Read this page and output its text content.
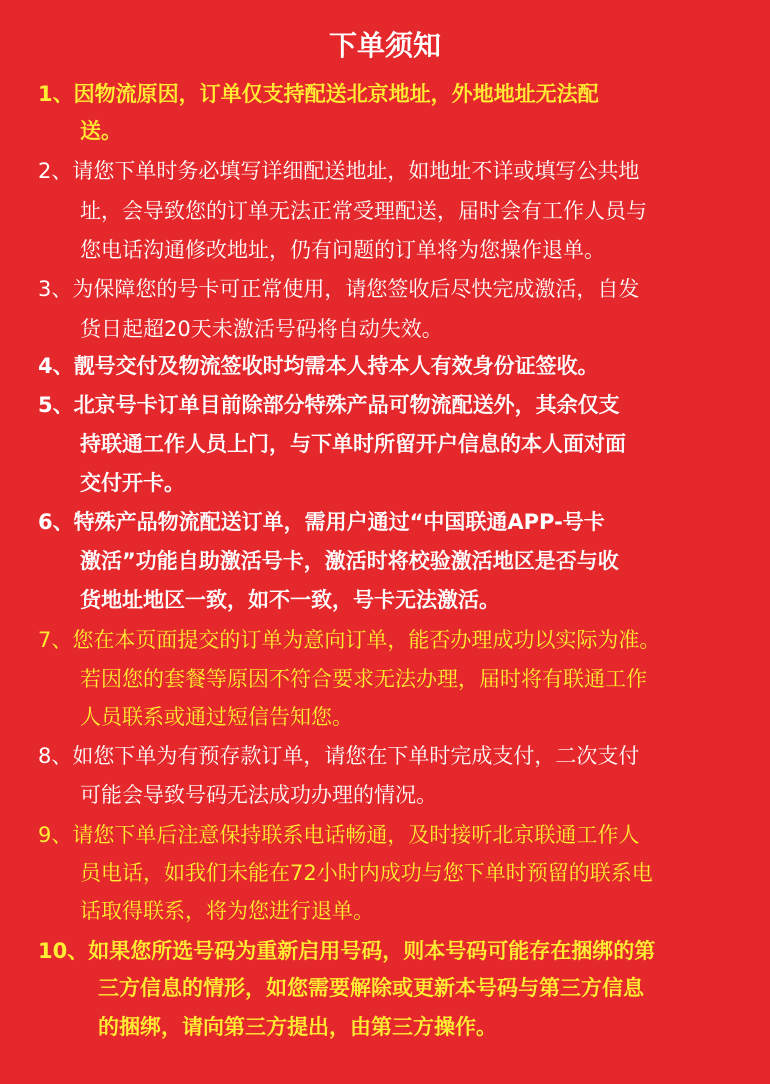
下单须知
1、因物流原因，订单仅支持配送北京地址，外地地址无法配
送。
2、请您下单时务必填写详细配送地址，如地址不详或填写公共地
址，会导致您的订单无法正常受理配送，届时会有工作人员与
您电话沟通修改地址，仍有问题的订单将为您操作退单。
3、为保障您的号卡可正常使用，请您签收后尽快完成激活，自发
货日起超20天未激活号码将自动失效。
4、靓号交付及物流签收时均需本人持本人有效身份证签收。
5、北京号卡订单目前除部分特殊产品可物流配送外，其余仅支
持联通工作人员上门，与下单时所留开户信息的本人面对面
交付开卡。
6、特殊产品物流配送订单，需用户通过“中国联通APP-号卡
激活”功能自助激活号卡，激活时将校验激活地区是否与收
货地址地区一致，如不一致，号卡无法激活。
7、您在本页面提交的订单为意向订单，能否办理成功以实际为准。
若因您的套餐等原因不符合要求无法办理，届时将有联通工作
人员联系或通过短信告知您。
8、如您下单为有预存款订单，请您在下单时完成支付，二次支付
可能会导致号码无法成功办理的情况。
9、请您下单后注意保持联系电话畅通，及时接听北京联通工作人
员电话，如我们未能在72小时内成功与您下单时预留的联系电
话取得联系，将为您进行退单。
10、如果您所选号码为重新启用号码，则本号码可能存在捆绑的第
三方信息的情形，如您需要解除或更新本号码与第三方信息
的捆绑，请向第三方提出，由第三方操作。
